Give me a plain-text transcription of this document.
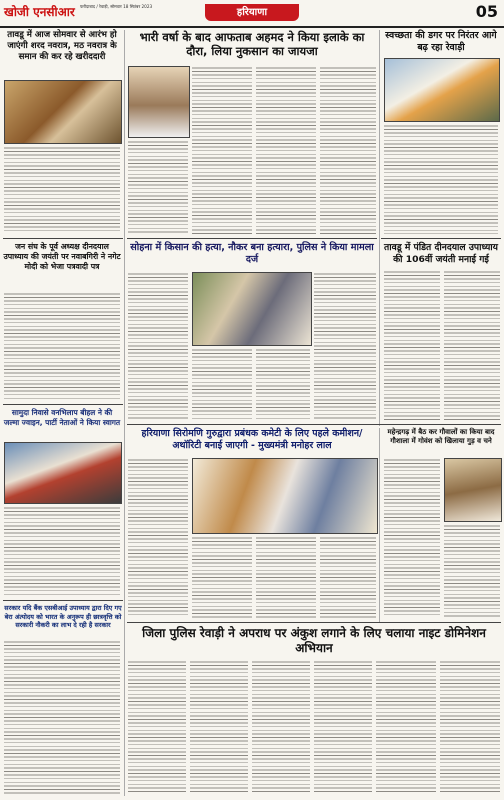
खोजी एनसीआर फरीदाबाद / रेवाड़ी, सोमवार 18 सितंबर 2023
हरियाणा	05
तावडू में आज सोमवार से आरंभ हो जाएंगी शरद नवरात्र, मठ नवरात्र के समान की कर रहे खरीददारी
जन संघ के पूर्व अध्यक्ष दीनदयाल उपाध्याय की जयंती पर नवाबगिरी ने नगेट मोदी को भेजा पत्रवादी पत्र
सामुदा निवासे वनभिलाप बीहल ने की जल्मा ज्वाइन, पार्टी नेताओं ने किया स्वागत
सरकार यदि बैंक एसबीआई उपाध्याय द्वारा दिए गए बेरा अंत्योदय को भारत के अनुरूप ही छात्रवृत्ति को सरकारी नौकरी का लाभ दे रही है सरकार
भारी वर्षा के बाद आफताब अहमद ने किया इलाके का दौरा, लिया नुकसान का जायजा
सोहना में किसान की हत्या, नौकर बना हत्यारा, पुलिस ने किया मामला दर्ज
स्वच्छता की डगर पर निरंतर आगे बढ़ रहा रेवाड़ी
तावडू में पंडित दीनदयाल उपाध्याय की 106वीं जयंती मनाई गई
हरियाणा सिरोमणि गुरुद्वारा प्रबंधक कमेटी के लिए पहले कमीशन/ अथॉरिटी बनाई जाएगी - मुख्यमंत्री मनोहर लाल
महेन्द्रगढ़ में बैठ कर गौवालों का किया बाद गौशाला में गोवंश को खिलाया गुड़ व चने
जिला पुलिस रेवाड़ी ने अपराध पर अंकुश लगाने के लिए चलाया नाइट डोमिनेशन अभियान
